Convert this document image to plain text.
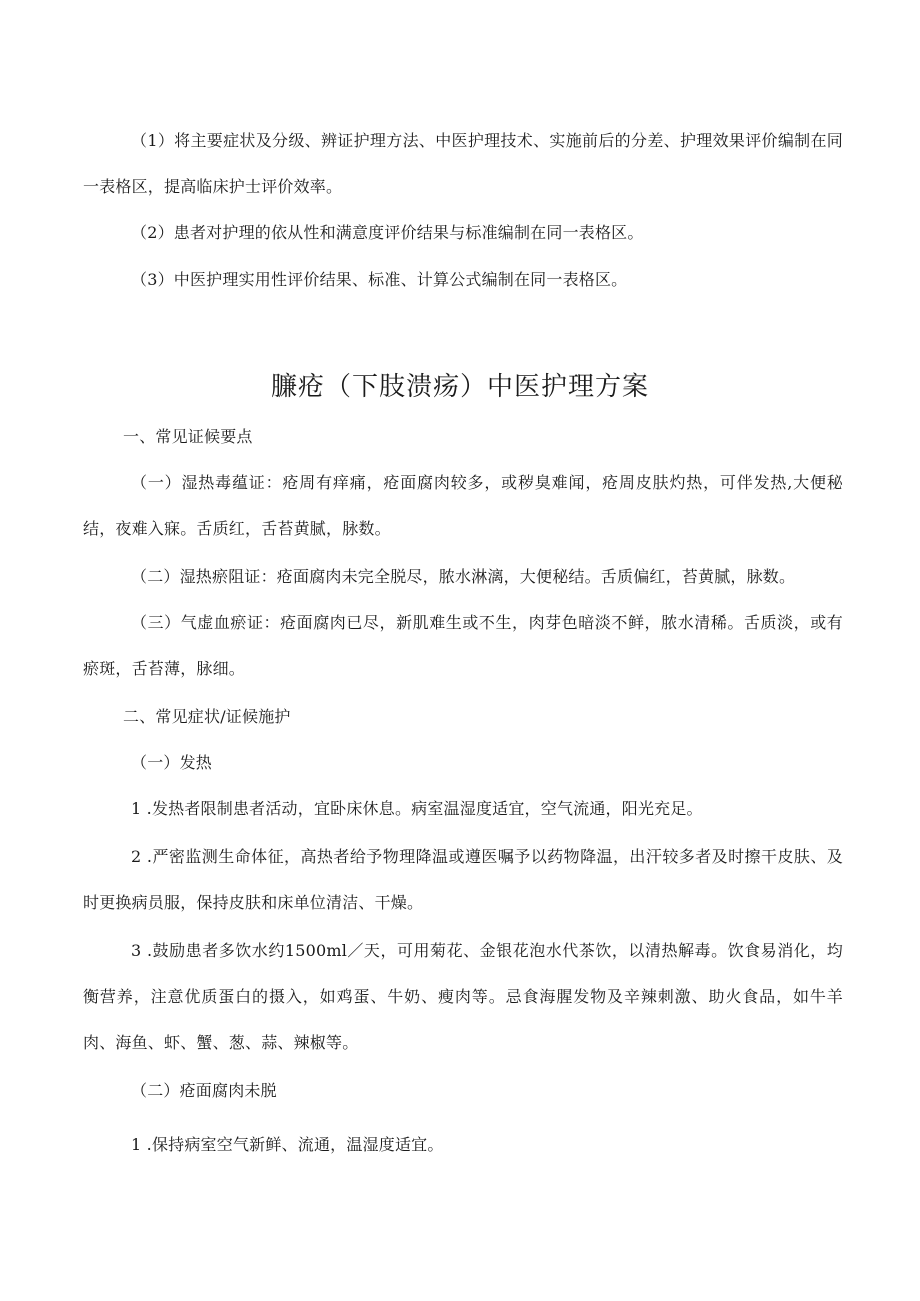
（1）将主要症状及分级、辨证护理方法、中医护理技术、实施前后的分差、护理效果评价编制在同一表格区，提高临床护士评价效率。

（2）患者对护理的依从性和满意度评价结果与标准编制在同一表格区。

（3）中医护理实用性评价结果、标准、计算公式编制在同一表格区。

臁疮（下肢溃疡）中医护理方案

一、常见证候要点

（一）湿热毒蕴证：疮周有痒痛，疮面腐肉较多，或秽臭难闻，疮周皮肤灼热，可伴发热,大便秘结，夜难入寐。舌质红，舌苔黄腻，脉数。

（二）湿热瘀阻证：疮面腐肉未完全脱尽，脓水淋漓，大便秘结。舌质偏红，苔黄腻，脉数。

（三）气虚血瘀证：疮面腐肉已尽，新肌难生或不生，肉芽色暗淡不鲜，脓水清稀。舌质淡，或有瘀斑，舌苔薄，脉细。

二、常见症状/证候施护

（一）发热

1 .发热者限制患者活动，宜卧床休息。病室温湿度适宜，空气流通，阳光充足。

2 .严密监测生命体征，高热者给予物理降温或遵医嘱予以药物降温，出汗较多者及时擦干皮肤、及时更换病员服，保持皮肤和床单位清洁、干燥。

3 .鼓励患者多饮水约1500ml／天，可用菊花、金银花泡水代茶饮，以清热解毒。饮食易消化，均衡营养，注意优质蛋白的摄入，如鸡蛋、牛奶、瘦肉等。忌食海腥发物及辛辣刺激、助火食品，如牛羊肉、海鱼、虾、蟹、葱、蒜、辣椒等。

（二）疮面腐肉未脱

1 .保持病室空气新鲜、流通，温湿度适宜。
